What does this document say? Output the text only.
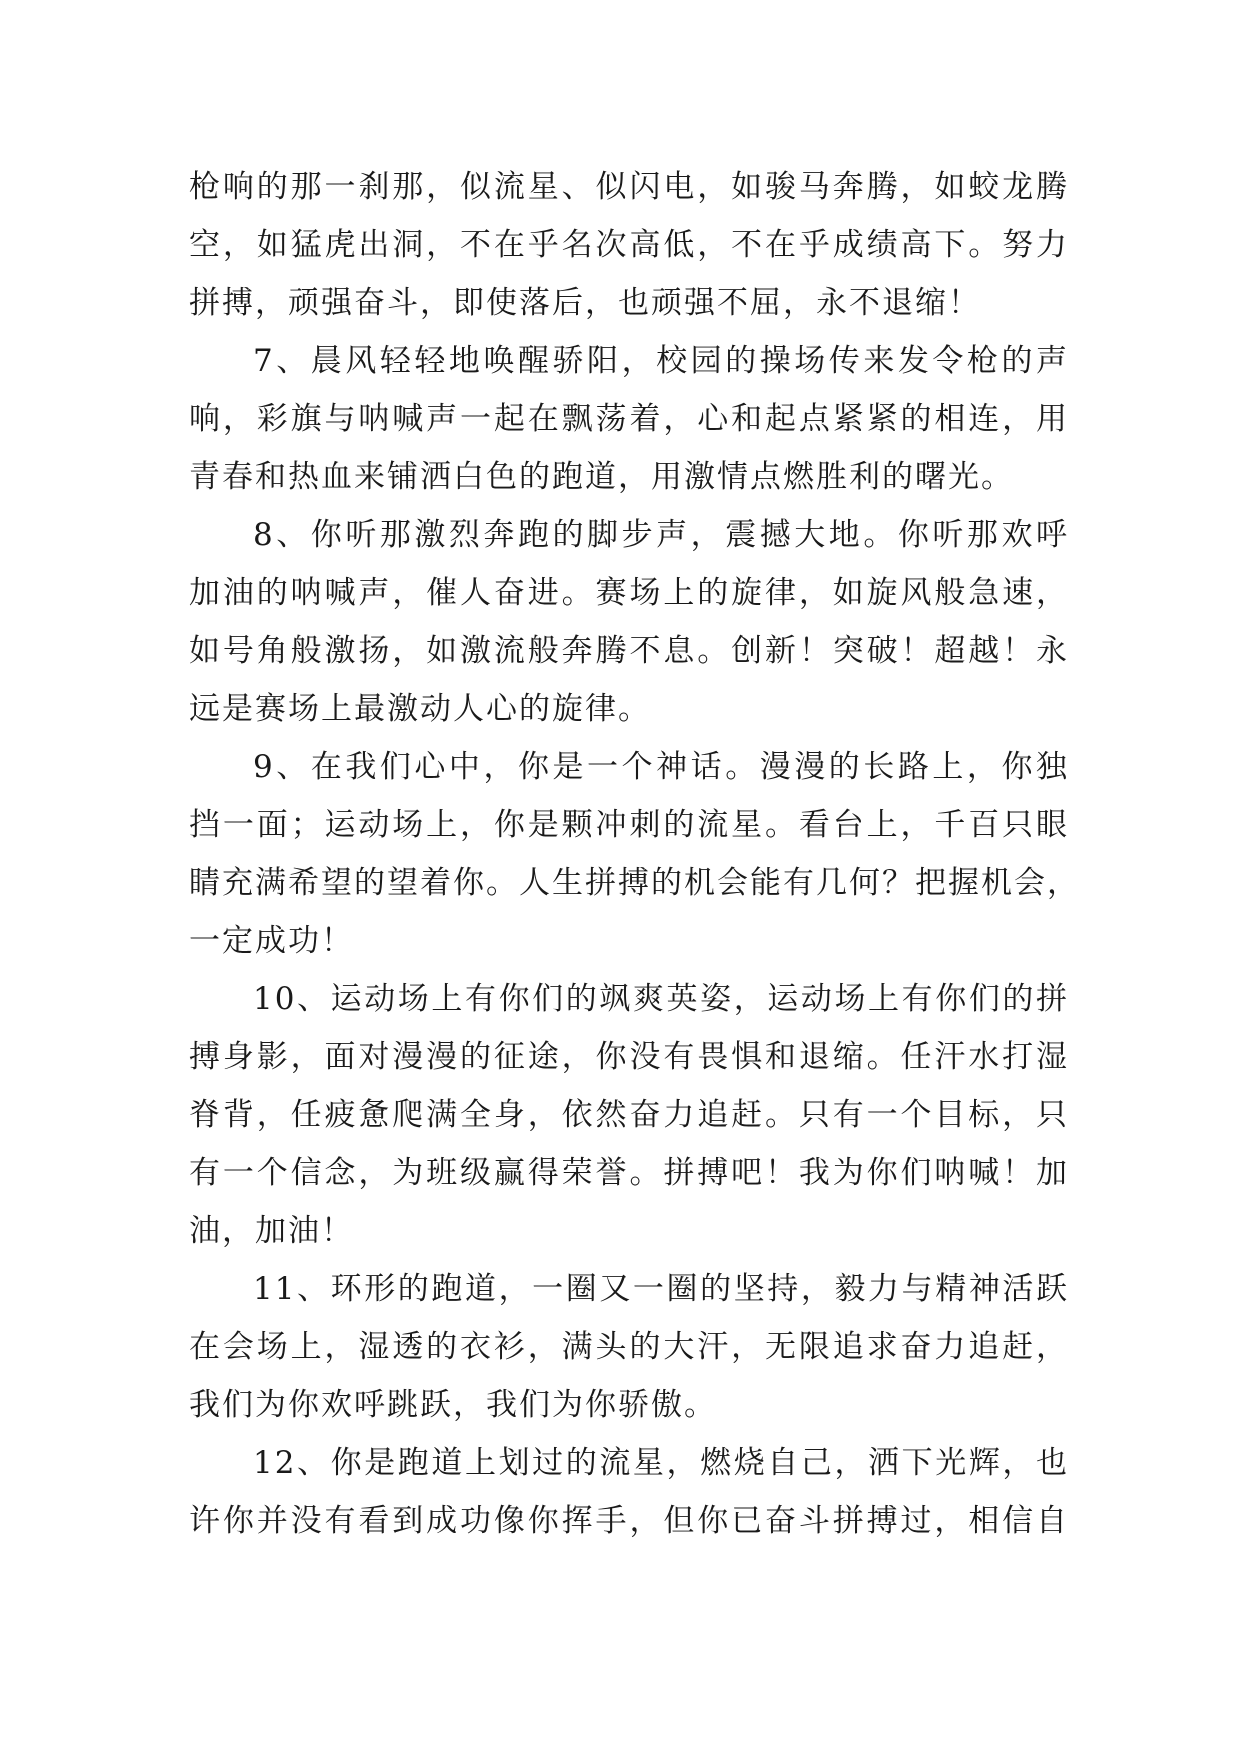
枪响的那一刹那，似流星、似闪电，如骏马奔腾，如蛟龙腾
空，如猛虎出洞，不在乎名次高低，不在乎成绩高下。努力
拼搏，顽强奋斗，即使落后，也顽强不屈，永不退缩！
7、晨风轻轻地唤醒骄阳，校园的操场传来发令枪的声
响，彩旗与呐喊声一起在飘荡着，心和起点紧紧的相连，用
青春和热血来铺洒白色的跑道，用激情点燃胜利的曙光。
8、你听那激烈奔跑的脚步声，震撼大地。你听那欢呼
加油的呐喊声，催人奋进。赛场上的旋律，如旋风般急速，
如号角般激扬，如激流般奔腾不息。创新！突破！超越！永
远是赛场上最激动人心的旋律。
9、在我们心中，你是一个神话。漫漫的长路上，你独
挡一面；运动场上，你是颗冲刺的流星。看台上，千百只眼
睛充满希望的望着你。人生拼搏的机会能有几何？把握机会，
一定成功！
10、运动场上有你们的飒爽英姿，运动场上有你们的拼
搏身影，面对漫漫的征途，你没有畏惧和退缩。任汗水打湿
脊背，任疲惫爬满全身，依然奋力追赶。只有一个目标，只
有一个信念，为班级赢得荣誉。拼搏吧！我为你们呐喊！加
油，加油！
11、环形的跑道，一圈又一圈的坚持，毅力与精神活跃
在会场上，湿透的衣衫，满头的大汗，无限追求奋力追赶，
我们为你欢呼跳跃，我们为你骄傲。
12、你是跑道上划过的流星，燃烧自己，洒下光辉，也
许你并没有看到成功像你挥手，但你已奋斗拼搏过，相信自
